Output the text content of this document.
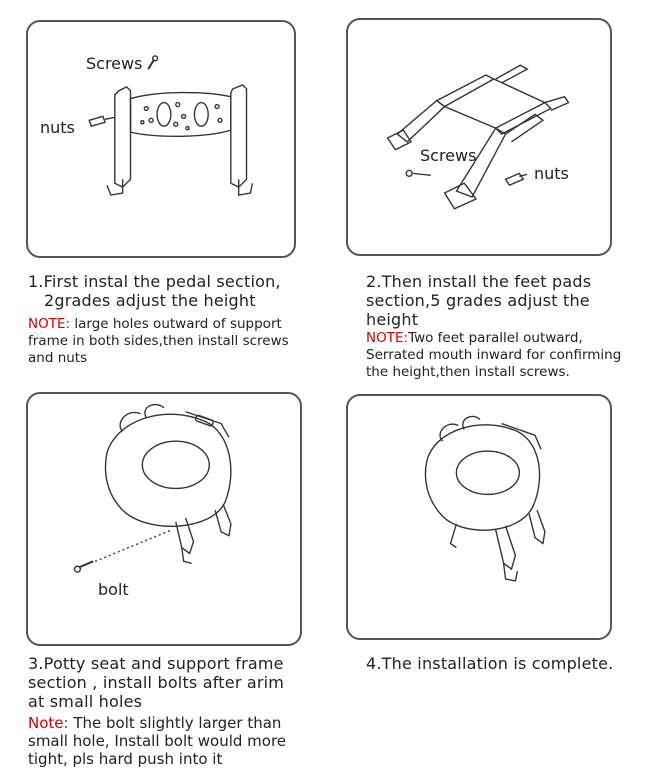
Screws
nuts
Screws
nuts
1.First instal the pedal section,
2grades adjust the height
NOTE: large holes outward of support frame in both sides,then install screws and nuts
2.Then install the feet pads
section,5 grades adjust the
height
NOTE:Two feet parallel outward, Serrated mouth inward for confirming the height,then install screws.
bolt
3.Potty seat and support frame
section , install bolts after arim
at small holes
Note: The bolt slightly larger than small hole, Install bolt would more tight, pls hard push into it
4.The installation is complete.
